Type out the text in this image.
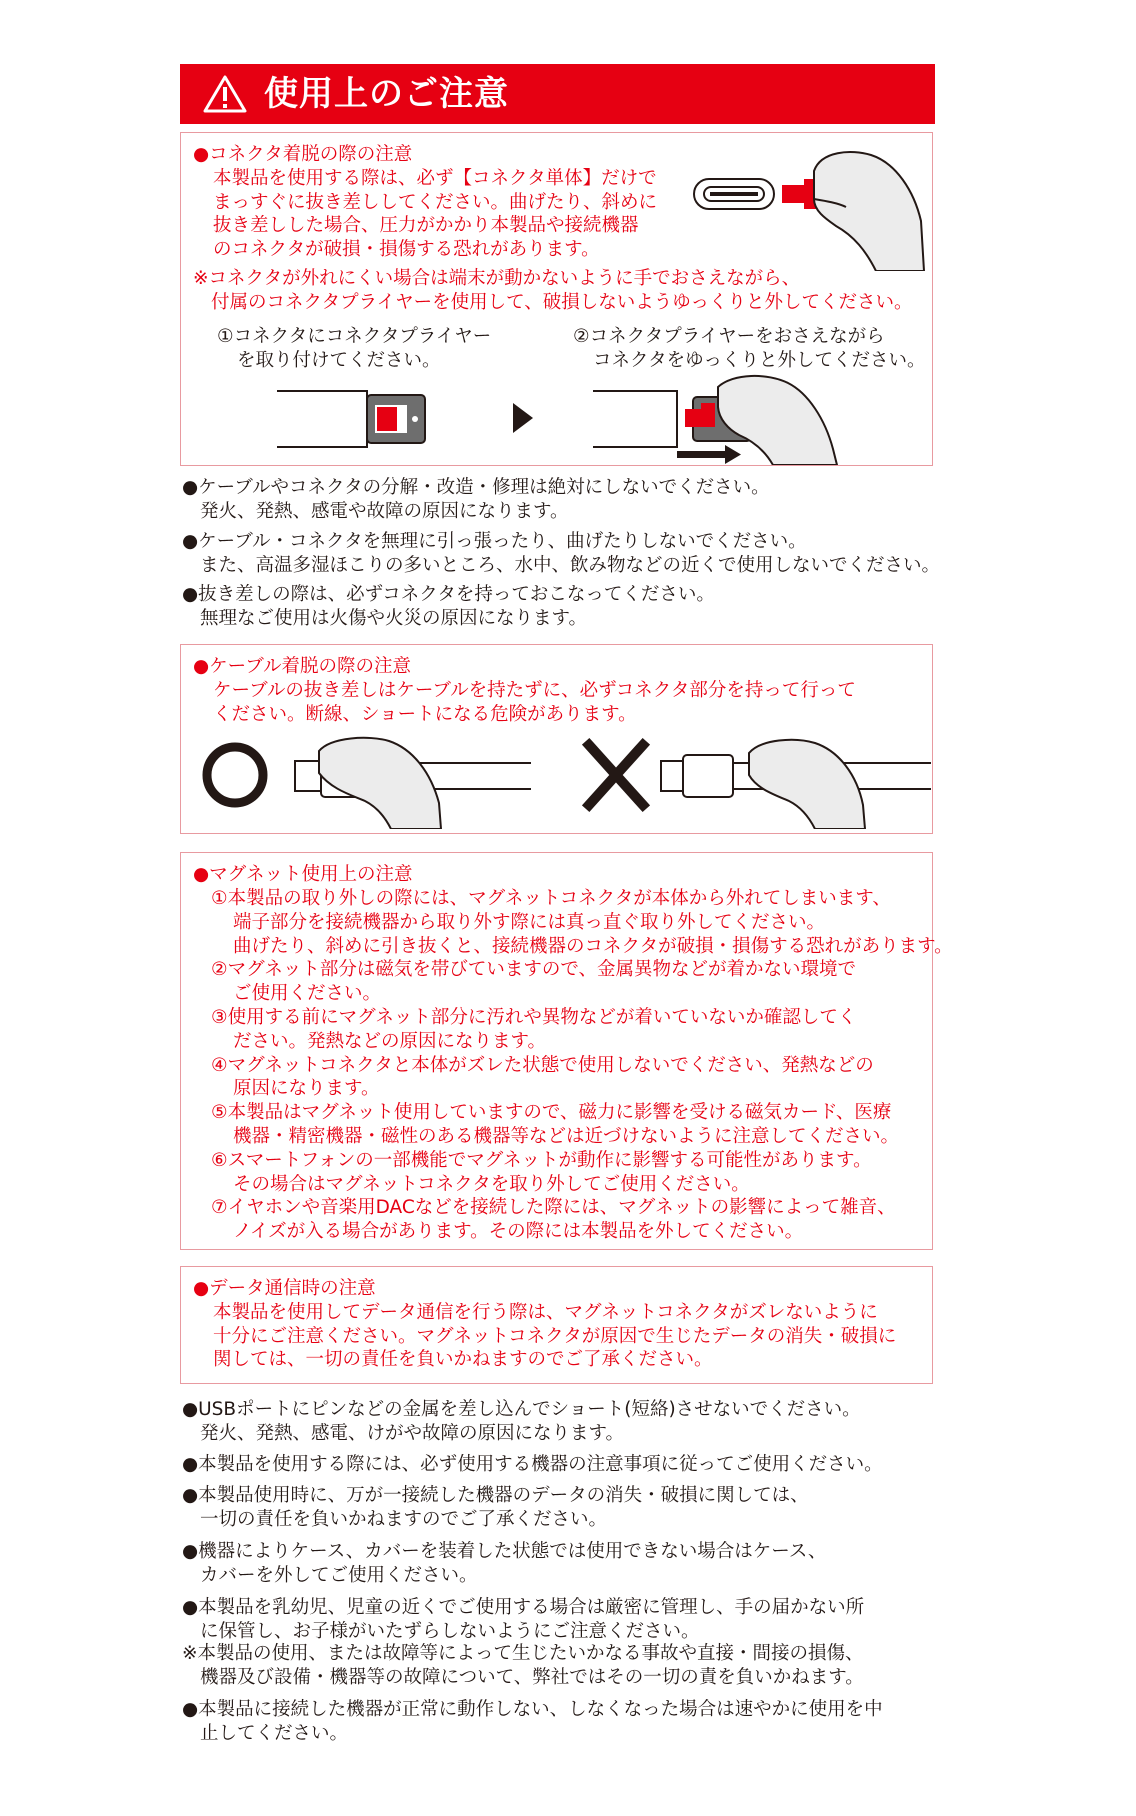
使用上のご注意
●コネクタ着脱の際の注意
本製品を使用する際は、必ず【コネクタ単体】だけで
まっすぐに抜き差ししてください。曲げたり、斜めに
抜き差しした場合、圧力がかかり本製品や接続機器
のコネクタが破損・損傷する恐れがあります。
※コネクタが外れにくい場合は端末が動かないように手でおさえながら、
付属のコネクタプライヤーを使用して、破損しないようゆっくりと外してください。
①コネクタにコネクタプライヤー
を取り付けてください。
②コネクタプライヤーをおさえながら
コネクタをゆっくりと外してください。
●ケーブルやコネクタの分解・改造・修理は絶対にしないでください。
発火、発熱、感電や故障の原因になります。
●ケーブル・コネクタを無理に引っ張ったり、曲げたりしないでください。
また、高温多湿ほこりの多いところ、水中、飲み物などの近くで使用しないでください。
●抜き差しの際は、必ずコネクタを持っておこなってください。
無理なご使用は火傷や火災の原因になります。
●ケーブル着脱の際の注意
ケーブルの抜き差しはケーブルを持たずに、必ずコネクタ部分を持って行って
ください。断線、ショートになる危険があります。
●マグネット使用上の注意
①本製品の取り外しの際には、マグネットコネクタが本体から外れてしまいます、
端子部分を接続機器から取り外す際には真っ直ぐ取り外してください。
曲げたり、斜めに引き抜くと、接続機器のコネクタが破損・損傷する恐れがあります。
②マグネット部分は磁気を帯びていますので、金属異物などが着かない環境で
ご使用ください。
③使用する前にマグネット部分に汚れや異物などが着いていないか確認してく
ださい。発熱などの原因になります。
④マグネットコネクタと本体がズレた状態で使用しないでください、発熱などの
原因になります。
⑤本製品はマグネット使用していますので、磁力に影響を受ける磁気カード、医療
機器・精密機器・磁性のある機器等などは近づけないように注意してください。
⑥スマートフォンの一部機能でマグネットが動作に影響する可能性があります。
その場合はマグネットコネクタを取り外してご使用ください。
⑦イヤホンや音楽用DACなどを接続した際には、マグネットの影響によって雑音、
ノイズが入る場合があります。その際には本製品を外してください。
●データ通信時の注意
本製品を使用してデータ通信を行う際は、マグネットコネクタがズレないように
十分にご注意ください。マグネットコネクタが原因で生じたデータの消失・破損に
関しては、一切の責任を負いかねますのでご了承ください。
●USBポートにピンなどの金属を差し込んでショート(短絡)させないでください。
発火、発熱、感電、けがや故障の原因になります。
●本製品を使用する際には、必ず使用する機器の注意事項に従ってご使用ください。
●本製品使用時に、万が一接続した機器のデータの消失・破損に関しては、
一切の責任を負いかねますのでご了承ください。
●機器によりケース、カバーを装着した状態では使用できない場合はケース、
カバーを外してご使用ください。
●本製品を乳幼児、児童の近くでご使用する場合は厳密に管理し、手の届かない所
に保管し、お子様がいたずらしないようにご注意ください。
※本製品の使用、または故障等によって生じたいかなる事故や直接・間接の損傷、
機器及び設備・機器等の故障について、弊社ではその一切の責を負いかねます。
●本製品に接続した機器が正常に動作しない、しなくなった場合は速やかに使用を中
止してください。
